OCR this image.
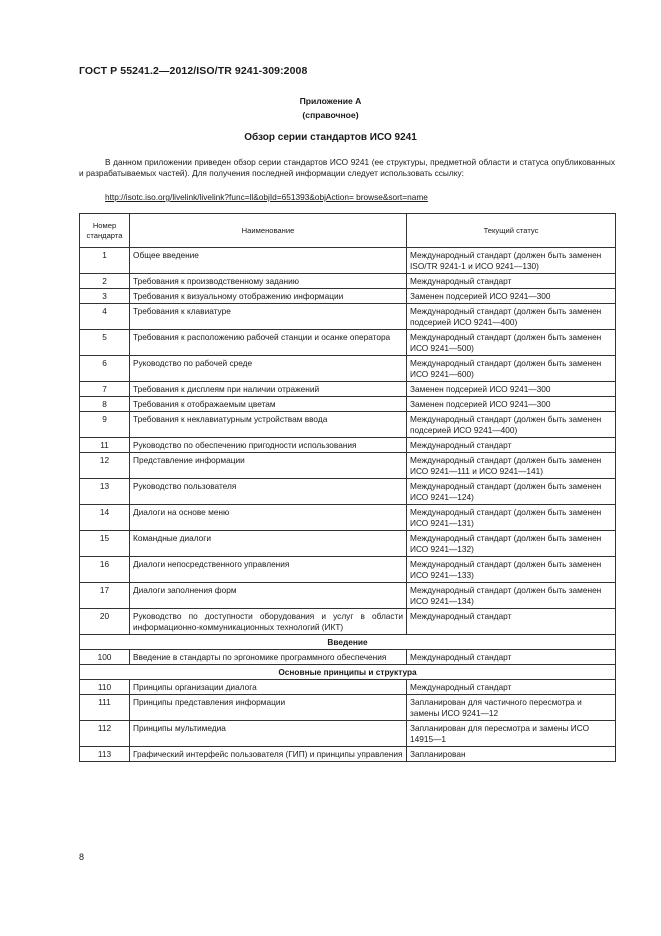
ГОСТ Р 55241.2—2012/ISO/TR 9241-309:2008
Приложение А
(справочное)
Обзор серии стандартов ИСО 9241
В данном приложении приведен обзор серии стандартов ИСО 9241 (ее структуры, предметной области и статуса опубликованных и разрабатываемых частей). Для получения последней информации следует использовать ссылку:
http://isotc.iso.org/livelink/livelink?func=ll&objId=651393&objAction= browse&sort=name
Номер стандарта	Наименование	Текущий статус
1	Общее введение	Международный стандарт (должен быть заменен ISO/TR 9241-1 и ИСО 9241—130)
2	Требования к производственному заданию	Международный стандарт
3	Требования к визуальному отображению информации	Заменен подсерией ИСО 9241—300
4	Требования к клавиатуре	Международный стандарт (должен быть заменен подсерией ИСО 9241—400)
5	Требования к расположению рабочей станции и осанке оператора	Международный стандарт (должен быть заменен ИСО 9241—500)
6	Руководство по рабочей среде	Международный стандарт (должен быть заменен ИСО 9241—600)
7	Требования к дисплеям при наличии отражений	Заменен подсерией ИСО 9241—300
8	Требования к отображаемым цветам	Заменен подсерией ИСО 9241—300
9	Требования к неклавиатурным устройствам ввода	Международный стандарт (должен быть заменен подсерией ИСО 9241—400)
11	Руководство по обеспечению пригодности использования	Международный стандарт
12	Представление информации	Международный стандарт (должен быть заменен ИСО 9241—111 и ИСО 9241—141)
13	Руководство пользователя	Международный стандарт (должен быть заменен ИСО 9241—124)
14	Диалоги на основе меню	Международный стандарт (должен быть заменен ИСО 9241—131)
15	Командные диалоги	Международный стандарт (должен быть заменен ИСО 9241—132)
16	Диалоги непосредственного управления	Международный стандарт (должен быть заменен ИСО 9241—133)
17	Диалоги заполнения форм	Международный стандарт (должен быть заменен ИСО 9241—134)
20	Руководство по доступности оборудования и услуг в области информационно-коммуникационных технологий (ИКТ)	Международный стандарт
Введение		
100	Введение в стандарты по эргономике программного обеспечения	Международный стандарт
Основные принципы и структура		
110	Принципы организации диалога	Международный стандарт
111	Принципы представления информации	Запланирован для частичного пересмотра и замены ИСО 9241—12
112	Принципы мультимедиа	Запланирован для пересмотра и замены ИСО 14915—1
113	Графический интерфейс пользователя (ГИП) и принципы управления	Запланирован
8
